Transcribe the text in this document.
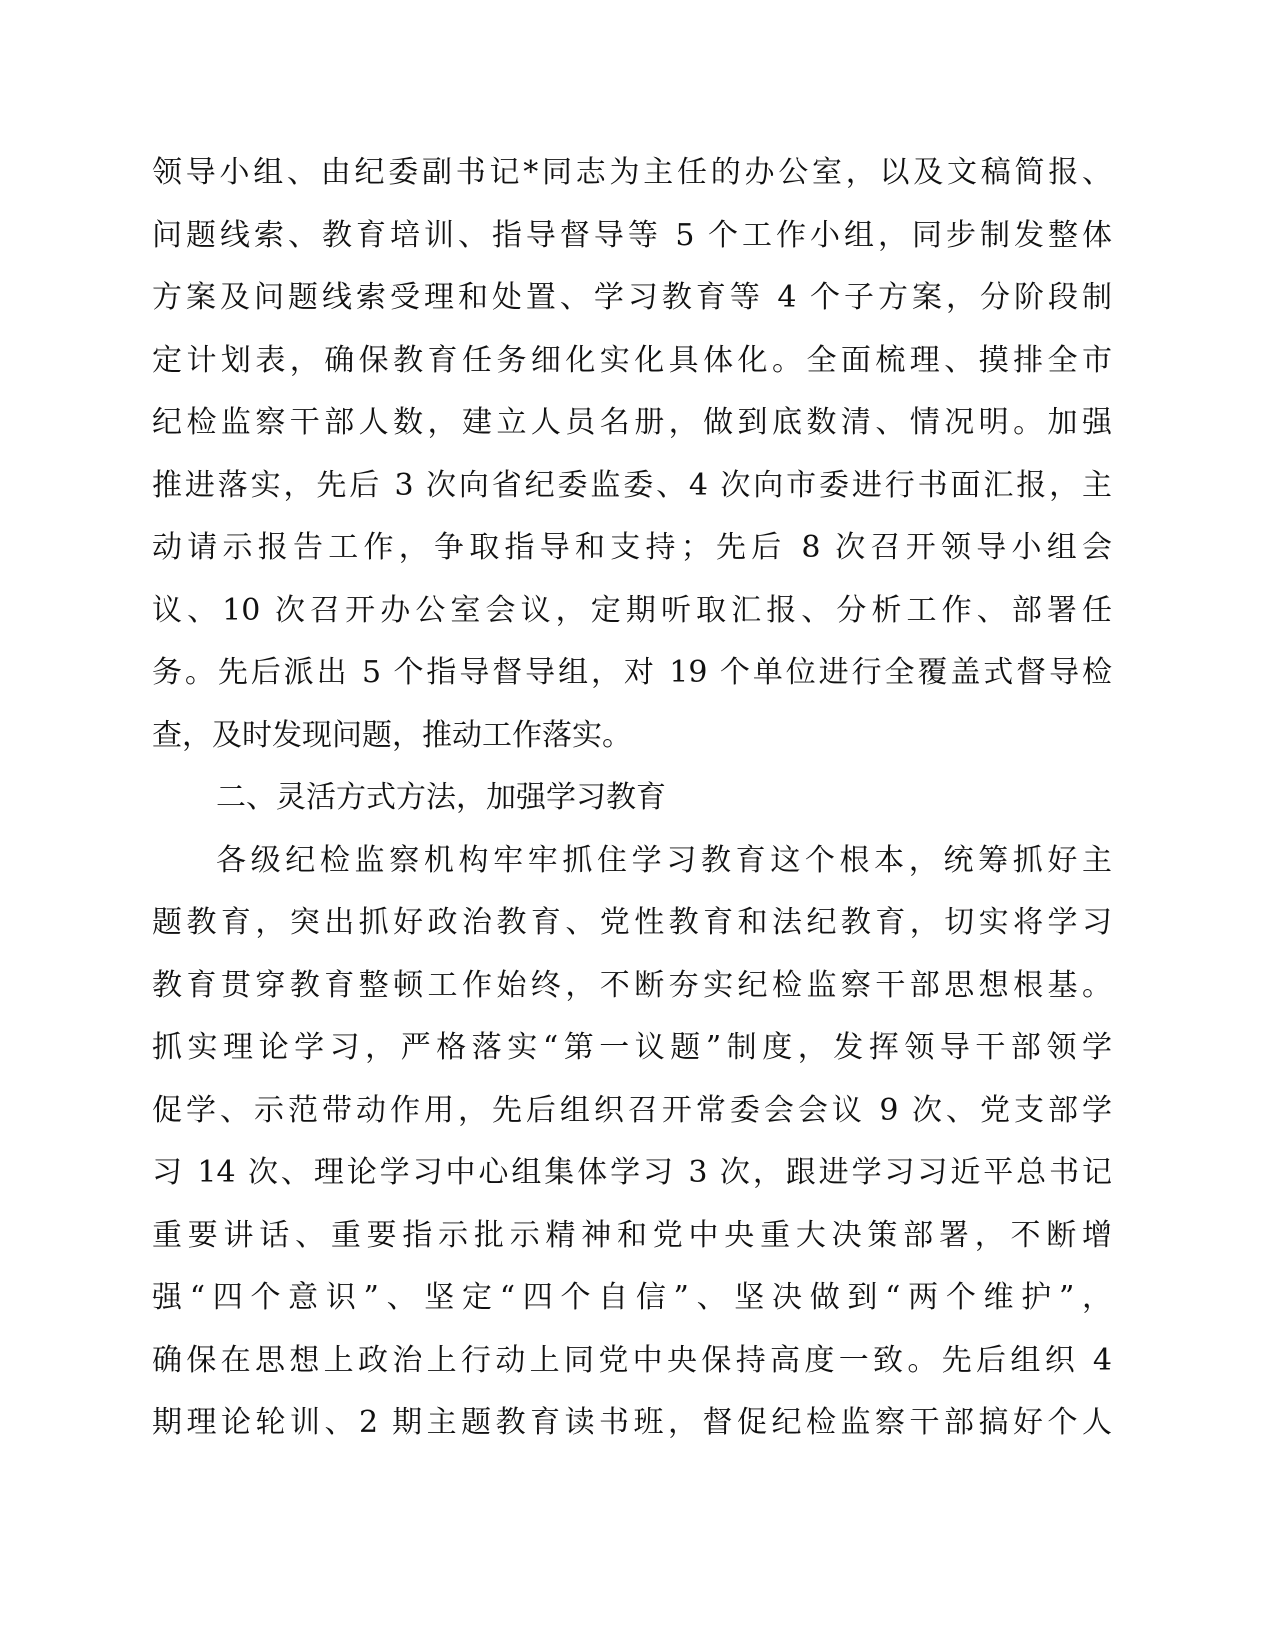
领导小组、由纪委副书记*同志为主任的办公室，以及文稿简报、
问题线索、教育培训、指导督导等 5 个工作小组，同步制发整体
方案及问题线索受理和处置、学习教育等 4 个子方案，分阶段制
定计划表，确保教育任务细化实化具体化。全面梳理、摸排全市
纪检监察干部人数，建立人员名册，做到底数清、情况明。加强
推进落实，先后 3 次向省纪委监委、4 次向市委进行书面汇报，主
动请示报告工作，争取指导和支持；先后 8 次召开领导小组会
议、10 次召开办公室会议，定期听取汇报、分析工作、部署任
务。先后派出 5 个指导督导组，对 19 个单位进行全覆盖式督导检
查，及时发现问题，推动工作落实。
二、灵活方式方法，加强学习教育
各级纪检监察机构牢牢抓住学习教育这个根本，统筹抓好主
题教育，突出抓好政治教育、党性教育和法纪教育，切实将学习
教育贯穿教育整顿工作始终，不断夯实纪检监察干部思想根基。
抓实理论学习，严格落实“第一议题”制度，发挥领导干部领学
促学、示范带动作用，先后组织召开常委会会议 9 次、党支部学
习 14 次、理论学习中心组集体学习 3 次，跟进学习习近平总书记
重要讲话、重要指示批示精神和党中央重大决策部署，不断增
强“四个意识”、坚定“四个自信”、坚决做到“两个维护”，
确保在思想上政治上行动上同党中央保持高度一致。先后组织 4
期理论轮训、2 期主题教育读书班，督促纪检监察干部搞好个人
